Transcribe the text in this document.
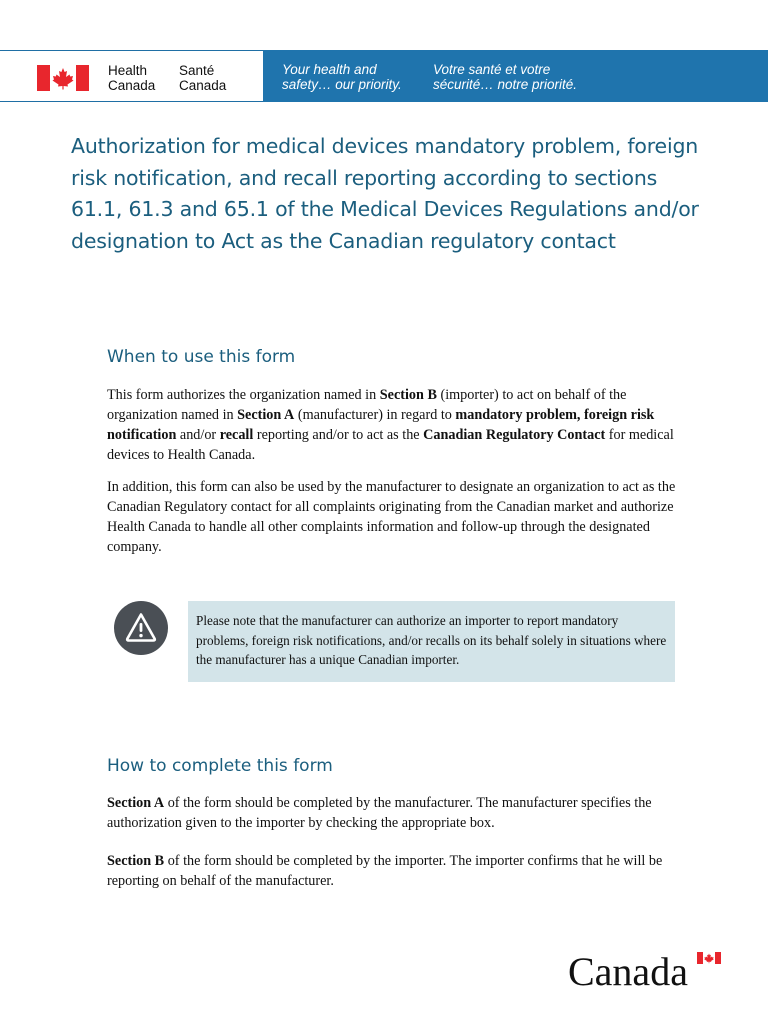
Health
Canada
Santé
Canada
Your health and
safety… our priority.
Votre santé et votre
sécurité… notre priorité.
Authorization for medical devices mandatory problem, foreign risk notification, and recall reporting according to sections 61.1, 61.3 and 65.1 of the Medical Devices Regulations and/or designation to Act as the Canadian regulatory contact
When to use this form

This form authorizes the organization named in Section B (importer) to act on behalf of the organization named in Section A (manufacturer) in regard to mandatory problem, foreign risk notification and/or recall reporting and/or to act as the Canadian Regulatory Contact for medical devices to Health Canada.

In addition, this form can also be used by the manufacturer to designate an organization to act as the Canadian Regulatory contact for all complaints originating from the Canadian market and authorize Health Canada to handle all other complaints information and follow-up through the designated company.

Please note that the manufacturer can authorize an importer to report mandatory problems, foreign risk notifications, and/or recalls on its behalf solely in situations where the manufacturer has a unique Canadian importer.

How to complete this form

Section A of the form should be completed by the manufacturer. The manufacturer specifies the authorization given to the importer by checking the appropriate box.

Section B of the form should be completed by the importer. The importer confirms that he will be reporting on behalf of the manufacturer.

Canada
